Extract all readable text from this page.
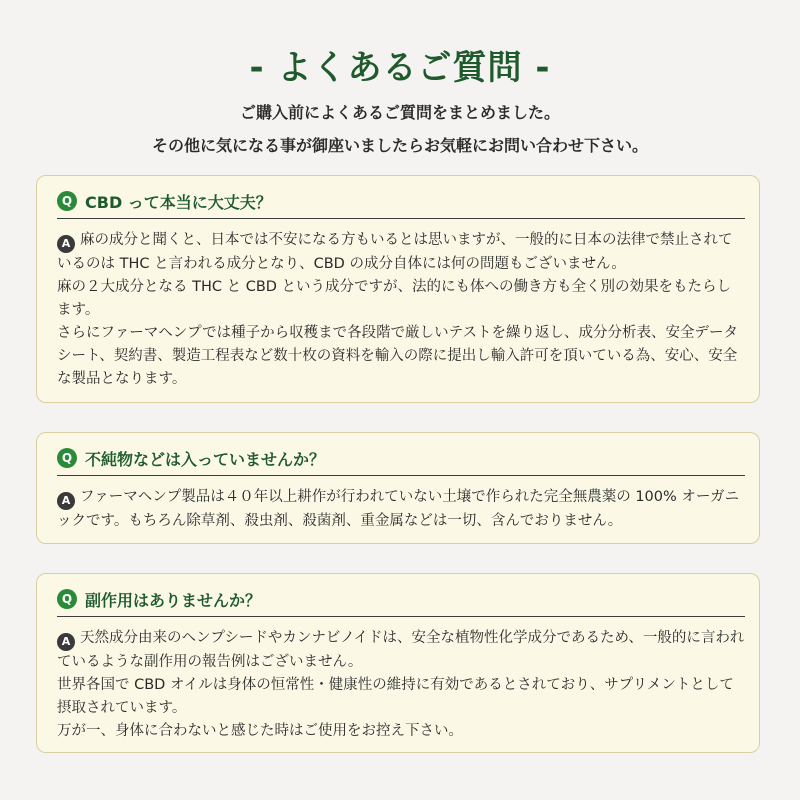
- よくあるご質問 -
ご購入前によくあるご質問をまとめました。
その他に気になる事が御座いましたらお気軽にお問い合わせ下さい。
Q CBD って本当に大丈夫？
A 麻の成分と聞くと、日本では不安になる方もいるとは思いますが、一般的に日本の法律で禁止されているのは THC と言われる成分となり、CBD の成分自体には何の問題もございません。
麻の２大成分となる THC と CBD という成分ですが、法的にも体への働き方も全く別の効果をもたらします。
さらにファーマヘンプでは種子から収穫まで各段階で厳しいテストを繰り返し、成分分析表、安全データシート、契約書、製造工程表など数十枚の資料を輸入の際に提出し輸入許可を頂いている為、安心、安全な製品となります。
Q 不純物などは入っていませんか？
A ファーマヘンプ製品は４０年以上耕作が行われていない土壌で作られた完全無農薬の 100% オーガニックです。もちろん除草剤、殺虫剤、殺菌剤、重金属などは一切、含んでおりません。
Q 副作用はありませんか？
A 天然成分由来のヘンプシードやカンナビノイドは、安全な植物性化学成分であるため、一般的に言われているような副作用の報告例はございません。
世界各国で CBD オイルは身体の恒常性・健康性の維持に有効であるとされており、サプリメントとして摂取されています。
万が一、身体に合わないと感じた時はご使用をお控え下さい。
